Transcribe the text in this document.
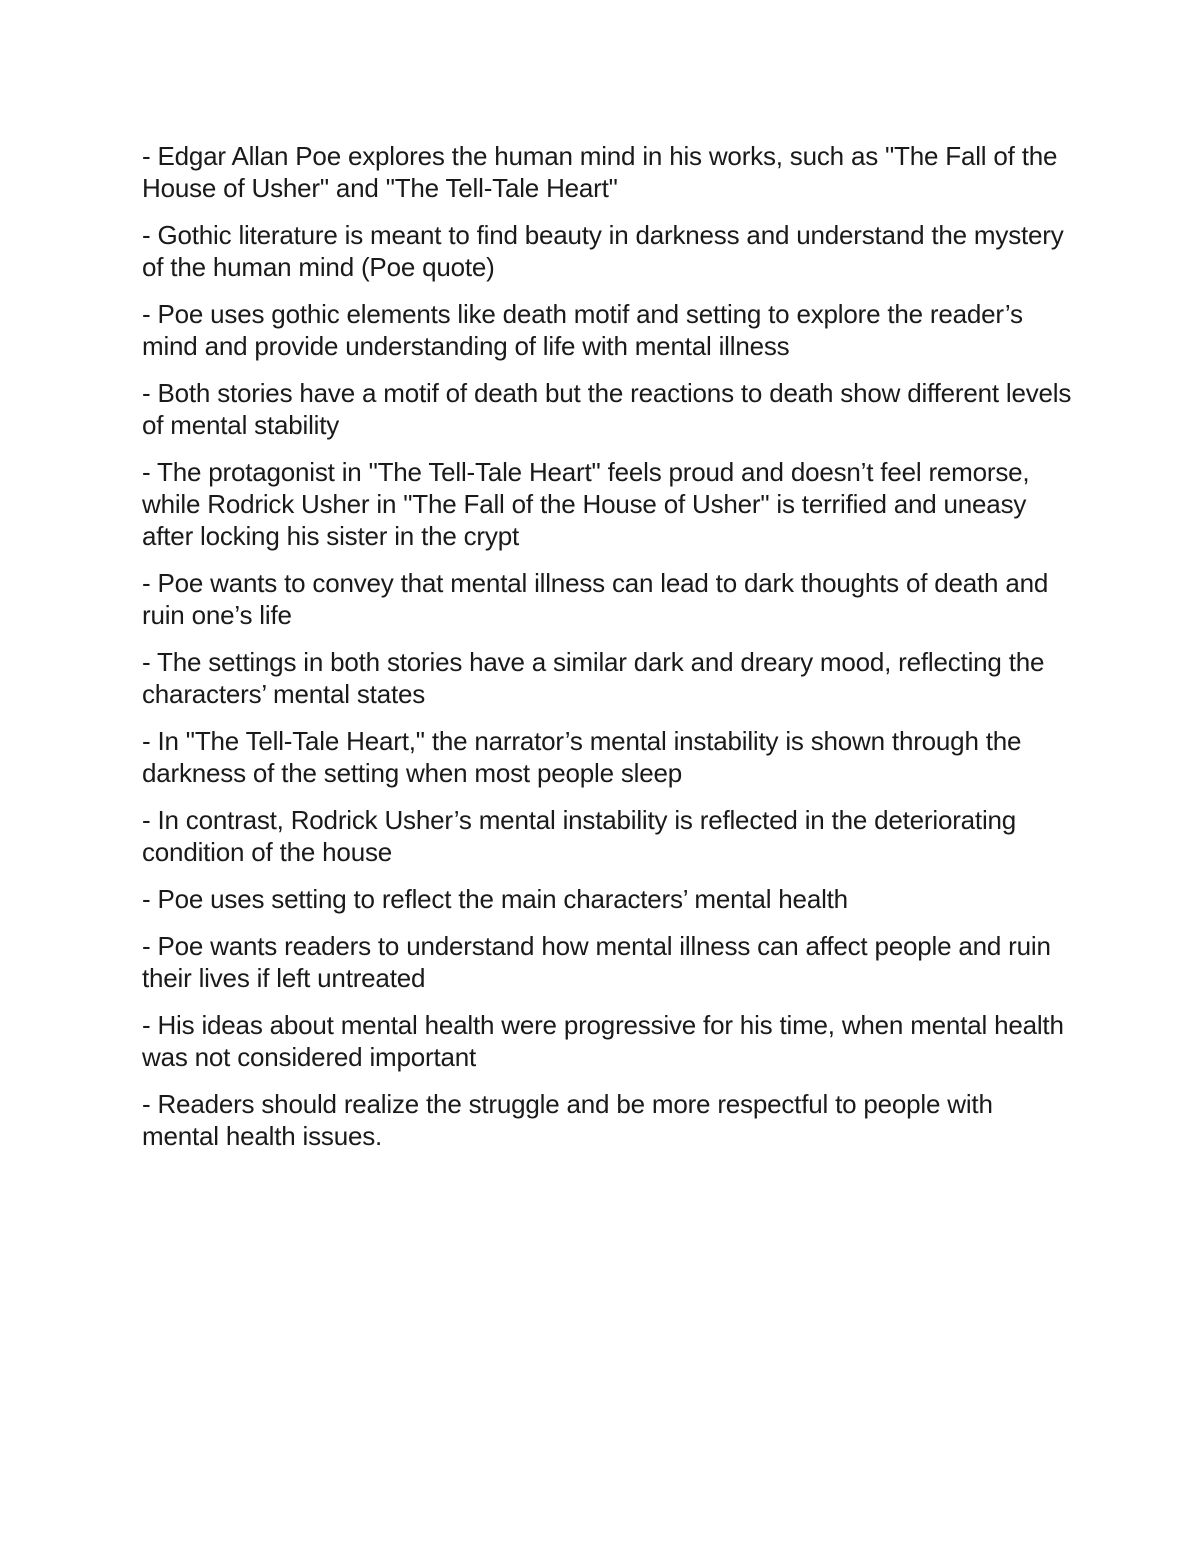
- Edgar Allan Poe explores the human mind in his works, such as "The Fall of the House of Usher" and "The Tell-Tale Heart"
- Gothic literature is meant to find beauty in darkness and understand the mystery of the human mind (Poe quote)
- Poe uses gothic elements like death motif and setting to explore the reader’s mind and provide understanding of life with mental illness
- Both stories have a motif of death but the reactions to death show different levels of mental stability
- The protagonist in "The Tell-Tale Heart" feels proud and doesn’t feel remorse, while Rodrick Usher in "The Fall of the House of Usher" is terrified and uneasy after locking his sister in the crypt
- Poe wants to convey that mental illness can lead to dark thoughts of death and ruin one’s life
- The settings in both stories have a similar dark and dreary mood, reflecting the characters’ mental states
- In "The Tell-Tale Heart," the narrator’s mental instability is shown through the darkness of the setting when most people sleep
- In contrast, Rodrick Usher’s mental instability is reflected in the deteriorating condition of the house
- Poe uses setting to reflect the main characters’ mental health
- Poe wants readers to understand how mental illness can affect people and ruin their lives if left untreated
- His ideas about mental health were progressive for his time, when mental health was not considered important
- Readers should realize the struggle and be more respectful to people with mental health issues.
